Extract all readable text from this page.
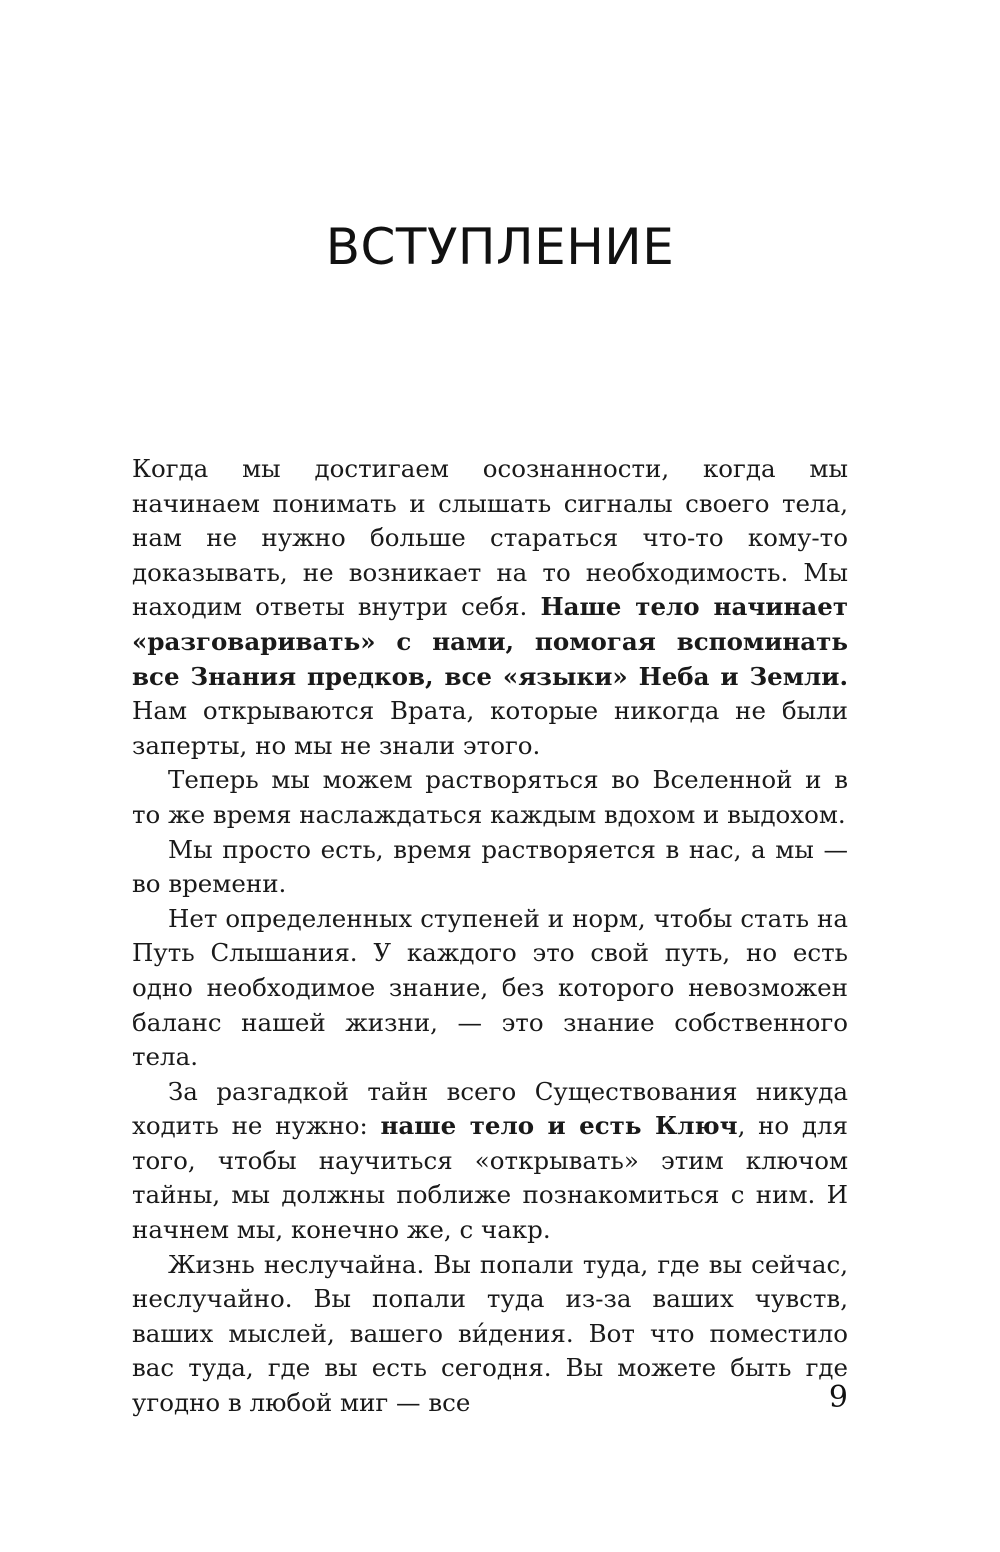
ВСТУПЛЕНИЕ

Когда мы достигаем осознанности, когда мы начинаем понимать и слышать сигналы своего тела, нам не нужно больше стараться что-то кому-то доказывать, не возникает на то необходимость. Мы находим ответы внутри себя. Наше тело начинает «разговаривать» с нами, помогая вспоминать все Знания предков, все «языки» Неба и Земли. Нам открываются Врата, которые никогда не были заперты, но мы не знали этого.

Теперь мы можем растворяться во Вселенной и в то же время наслаждаться каждым вдохом и выдохом.

Мы просто есть, время растворяется в нас, а мы — во времени.

Нет определенных ступеней и норм, чтобы стать на Путь Слышания. У каждого это свой путь, но есть одно необходимое знание, без которого невозможен баланс нашей жизни, — это знание собственного тела.

За разгадкой тайн всего Существования никуда ходить не нужно: наше тело и есть Ключ, но для того, чтобы научиться «открывать» этим ключом тайны, мы должны поближе познакомиться с ним. И начнем мы, конечно же, с чакр.

Жизнь неслучайна. Вы попали туда, где вы сейчас, неслучайно. Вы попали туда из-за ваших чувств, ваших мыслей, вашего ви́дения. Вот что поместило вас туда, где вы есть сегодня. Вы можете быть где угодно в любой миг — все	9
